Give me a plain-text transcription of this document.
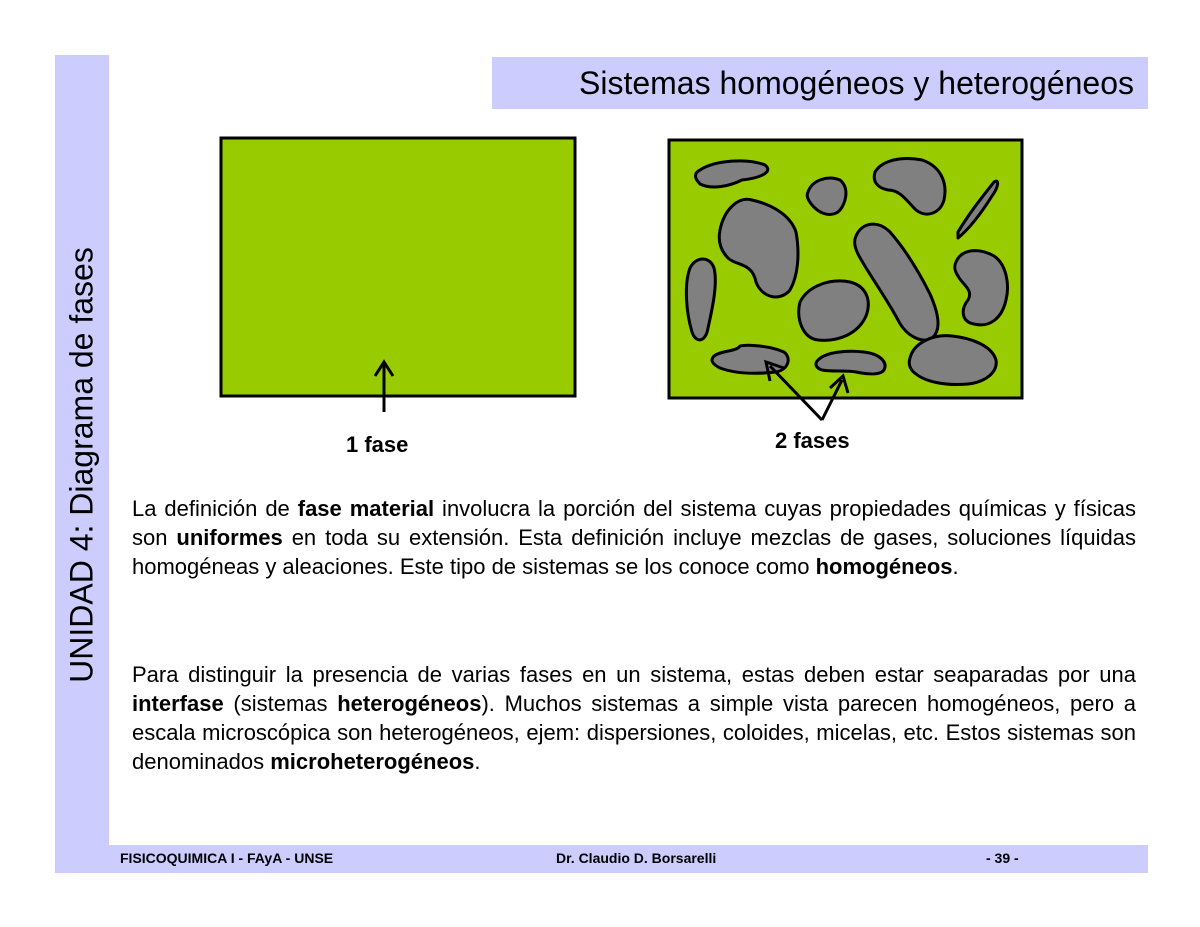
UNIDAD 4: Diagrama de fases
Sistemas homogéneos y heterogéneos
1 fase	2 fases
La definición de fase material involucra la porción del sistema cuyas propiedades químicas y físicas son uniformes en toda su extensión. Esta definición incluye mezclas de gases, soluciones líquidas homogéneas y aleaciones. Este tipo de sistemas se los conoce como homogéneos.
Para distinguir la presencia de varias fases en un sistema, estas deben estar seaparadas por una interfase (sistemas heterogéneos). Muchos sistemas a simple vista parecen homogéneos, pero a escala microscópica son heterogéneos, ejem: dispersiones, coloides, micelas, etc. Estos sistemas son denominados microheterogéneos.
FISICOQUIMICA I - FAyA - UNSE	Dr. Claudio D. Borsarelli	- 39 -
